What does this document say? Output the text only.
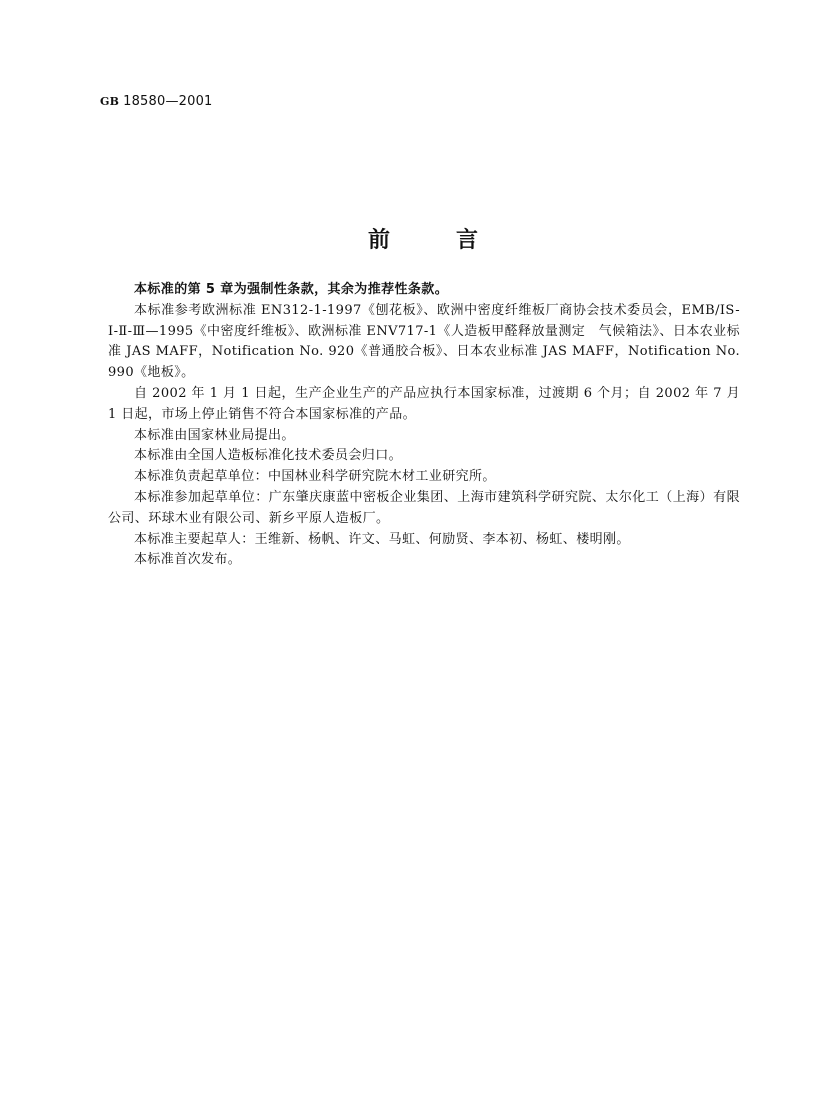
GB 18580—2001
前	言

本标准的第 5 章为强制性条款，其余为推荐性条款。

本标准参考欧洲标准 EN312-1-1997《刨花板》、欧洲中密度纤维板厂商协会技术委员会，EMB/IS-Ⅰ-Ⅱ-Ⅲ—1995《中密度纤维板》、欧洲标准 ENV717-1《人造板甲醛释放量测定　气候箱法》、日本农业标准 JAS MAFF，Notification No. 920《普通胶合板》、日本农业标准 JAS MAFF，Notification No. 990《地板》。

自 2002 年 1 月 1 日起，生产企业生产的产品应执行本国家标准，过渡期 6 个月；自 2002 年 7 月 1 日起，市场上停止销售不符合本国家标准的产品。

本标准由国家林业局提出。

本标准由全国人造板标准化技术委员会归口。

本标准负责起草单位：中国林业科学研究院木材工业研究所。

本标准参加起草单位：广东肇庆康蓝中密板企业集团、上海市建筑科学研究院、太尔化工（上海）有限公司、环球木业有限公司、新乡平原人造板厂。

本标准主要起草人：王维新、杨帆、许文、马虹、何励贤、李本初、杨虹、楼明刚。

本标准首次发布。
